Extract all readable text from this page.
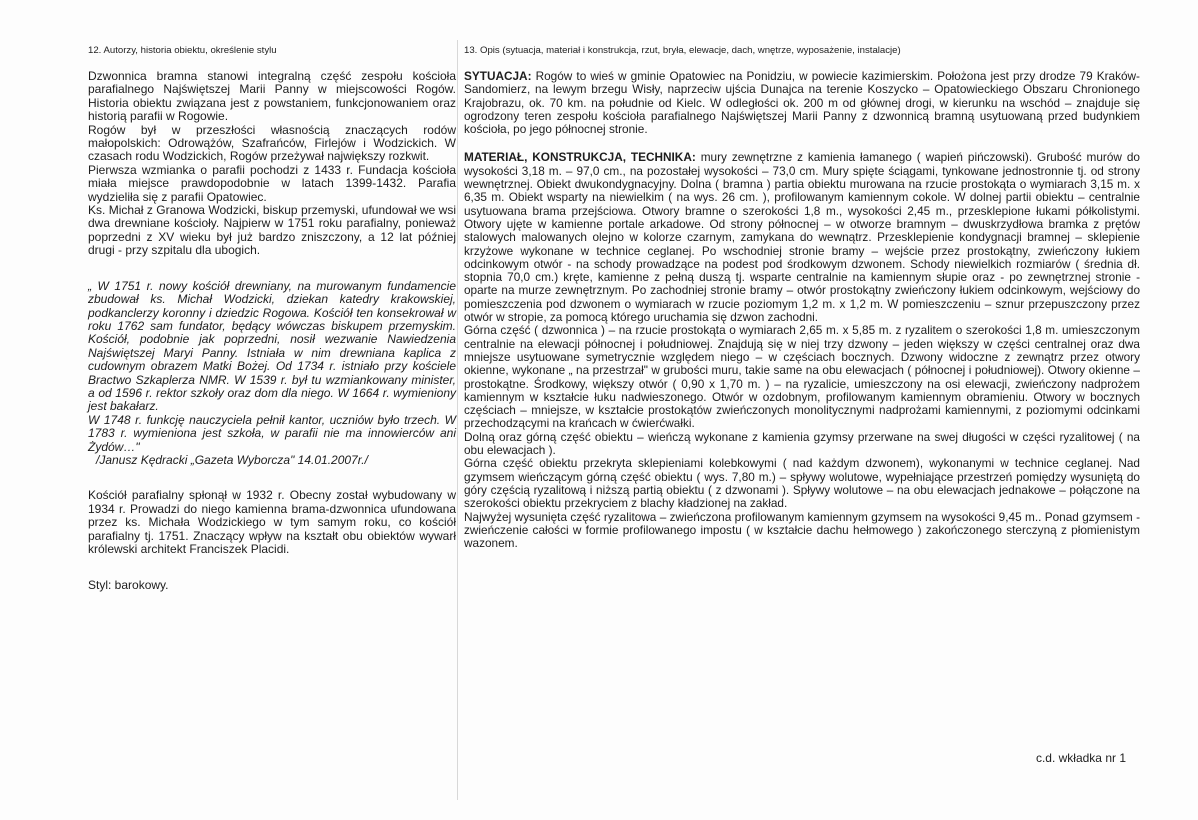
12. Autorzy, historia obiektu, określenie stylu

Dzwonnica bramna stanowi integralną część zespołu kościoła parafialnego Najświętszej Marii Panny w miejscowości Rogów. Historia obiektu związana jest z powstaniem, funkcjonowaniem oraz historią parafii w Rogowie.

Rogów był w przeszłości własnością znaczących rodów małopolskich: Odrowążów, Szafrańców, Firlejów i Wodzickich. W czasach rodu Wodzickich, Rogów przeżywał największy rozkwit.

Pierwsza wzmianka o parafii pochodzi z 1433 r. Fundacja kościoła miała miejsce prawdopodobnie w latach 1399-1432. Parafia wydzieliła się z parafii Opatowiec.

Ks. Michał z Granowa Wodzicki, biskup przemyski, ufundował we wsi dwa drewniane kościoły. Najpierw w 1751 roku parafialny, ponieważ poprzedni z XV wieku był już bardzo zniszczony, a 12 lat później drugi - przy szpitalu dla ubogich.

„ W 1751 r. nowy kościół drewniany, na murowanym fundamencie zbudował ks. Michał Wodzicki, dziekan katedry krakowskiej, podkanclerzy koronny i dziedzic Rogowa. Kościół ten konsekrował w roku 1762 sam fundator, będący wówczas biskupem przemyskim. Kościół, podobnie jak poprzedni, nosił wezwanie Nawiedzenia Najświętszej Maryi Panny. Istniała w nim drewniana kaplica z cudownym obrazem Matki Bożej. Od 1734 r. istniało przy kościele Bractwo Szkaplerza NMR. W 1539 r. był tu wzmiankowany minister, a od 1596 r. rektor szkoły oraz dom dla niego. W 1664 r. wymieniony jest bakałarz.

W 1748 r. funkcję nauczyciela pełnił kantor, uczniów było trzech. W 1783 r. wymieniona jest szkoła, w parafii nie ma innowierców ani Żydów…"

/Janusz Kędracki „Gazeta Wyborcza" 14.01.2007r./

Kościół parafialny spłonął w 1932 r. Obecny został wybudowany w 1934 r. Prowadzi do niego kamienna brama-dzwonnica ufundowana przez ks. Michała Wodzickiego w tym samym roku, co kościół parafialny tj. 1751. Znaczący wpływ na kształt obu obiektów wywarł królewski architekt Franciszek Placidi.

Styl: barokowy.

13. Opis (sytuacja, materiał i konstrukcja, rzut, bryła, elewacje, dach, wnętrze, wyposażenie, instalacje)

SYTUACJA: Rogów to wieś w gminie Opatowiec na Ponidziu, w powiecie kazimierskim. Położona jest przy drodze 79 Kraków-Sandomierz, na lewym brzegu Wisły, naprzeciw ujścia Dunajca na terenie Koszycko – Opatowieckiego Obszaru Chronionego Krajobrazu, ok. 70 km. na południe od Kielc. W odległości ok. 200 m od głównej drogi, w kierunku na wschód – znajduje się ogrodzony teren zespołu kościoła parafialnego Najświętszej Marii Panny z dzwonnicą bramną usytuowaną przed budynkiem kościoła, po jego północnej stronie.

MATERIAŁ, KONSTRUKCJA, TECHNIKA: mury zewnętrzne z kamienia łamanego ( wapień pińczowski). Grubość murów do wysokości 3,18 m. – 97,0 cm., na pozostałej wysokości – 73,0 cm. Mury spięte ściągami, tynkowane jednostronnie tj. od strony wewnętrznej. Obiekt dwukondygnacyjny. Dolna ( bramna ) partia obiektu murowana na rzucie prostokąta o wymiarach 3,15 m. x 6,35 m. Obiekt wsparty na niewielkim ( na wys. 26 cm. ), profilowanym kamiennym cokole. W dolnej partii obiektu – centralnie usytuowana brama przejściowa. Otwory bramne o szerokości 1,8 m., wysokości 2,45 m., przesklepione łukami półkolistymi. Otwory ujęte w kamienne portale arkadowe. Od strony północnej – w otworze bramnym – dwuskrzydłowa bramka z prętów stalowych malowanych olejno w kolorze czarnym, zamykana do wewnątrz. Przesklepienie kondygnacji bramnej – sklepienie krzyżowe wykonane w technice ceglanej. Po wschodniej stronie bramy – wejście przez prostokątny, zwieńczony łukiem odcinkowym otwór - na schody prowadzące na podest pod środkowym dzwonem. Schody niewielkich rozmiarów ( średnia dł. stopnia 70,0 cm.) kręte, kamienne z pełną duszą tj. wsparte centralnie na kamiennym słupie oraz - po zewnętrznej stronie - oparte na murze zewnętrznym. Po zachodniej stronie bramy – otwór prostokątny zwieńczony łukiem odcinkowym, wejściowy do pomieszczenia pod dzwonem o wymiarach w rzucie poziomym 1,2 m. x 1,2 m. W pomieszczeniu – sznur przepuszczony przez otwór w stropie, za pomocą którego uruchamia się dzwon zachodni.

Górna część ( dzwonnica ) – na rzucie prostokąta o wymiarach 2,65 m. x 5,85 m. z ryzalitem o szerokości 1,8 m. umieszczonym centralnie na elewacji północnej i południowej. Znajdują się w niej trzy dzwony – jeden większy w części centralnej oraz dwa mniejsze usytuowane symetrycznie względem niego – w częściach bocznych. Dzwony widoczne z zewnątrz przez otwory okienne, wykonane „ na przestrzał" w grubości muru, takie same na obu elewacjach ( północnej i południowej). Otwory okienne – prostokątne. Środkowy, większy otwór ( 0,90 x 1,70 m. ) – na ryzalicie, umieszczony na osi elewacji, zwieńczony nadprożem kamiennym w kształcie łuku nadwieszonego. Otwór w ozdobnym, profilowanym kamiennym obramieniu. Otwory w bocznych częściach – mniejsze, w kształcie prostokątów zwieńczonych monolitycznymi nadprożami kamiennymi, z poziomymi odcinkami przechodzącymi na krańcach w ćwierćwałki.

Dolną oraz górną część obiektu – wieńczą wykonane z kamienia gzymsy przerwane na swej długości w części ryzalitowej ( na obu elewacjach ).

Górna część obiektu przekryta sklepieniami kolebkowymi ( nad każdym dzwonem), wykonanymi w technice ceglanej. Nad gzymsem wieńczącym górną część obiektu ( wys. 7,80 m.) – spływy wolutowe, wypełniające przestrzeń pomiędzy wysuniętą do góry częścią ryzalitową i niższą partią obiektu ( z dzwonami ). Spływy wolutowe – na obu elewacjach jednakowe – połączone na szerokości obiektu przekryciem z blachy kładzionej na zakład.

Najwyżej wysunięta część ryzalitowa – zwieńczona profilowanym kamiennym gzymsem na wysokości 9,45 m.. Ponad gzymsem - zwieńczenie całości w formie profilowanego impostu ( w kształcie dachu hełmowego ) zakończonego sterczyną z płomienistym wazonem.

c.d. wkładka nr 1
